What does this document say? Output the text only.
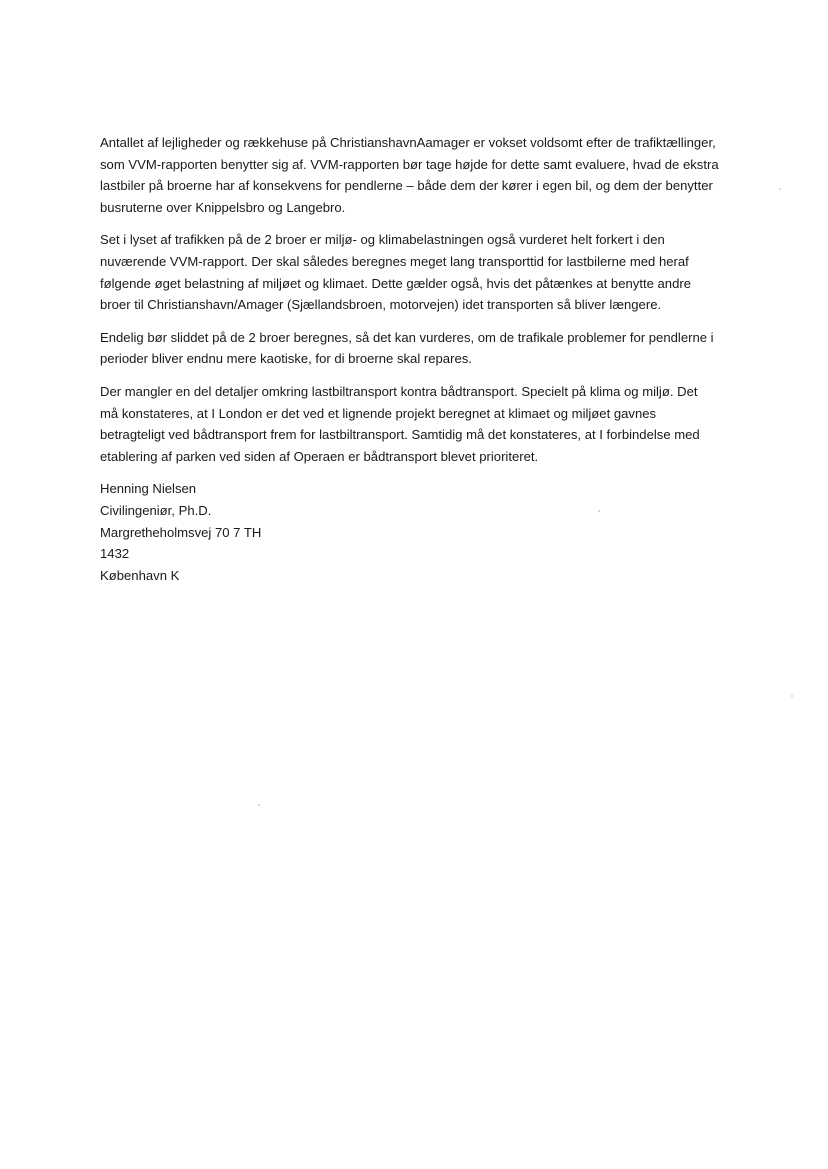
Antallet af lejligheder og rækkehuse på ChristianshavnAamager er vokset voldsomt efter de trafiktællinger,
som VVM-rapporten benytter sig af. VVM-rapporten bør tage højde for dette samt evaluere, hvad de ekstra
lastbiler på broerne har af konsekvens for pendlerne – både dem der kører i egen bil, og dem der benytter
busruterne over Knippelsbro og Langebro.

Set i lyset af trafikken på de 2 broer er miljø- og klimabelastningen også vurderet helt forkert i den
nuværende VVM-rapport. Der skal således beregnes meget lang transporttid for lastbilerne med heraf
følgende øget belastning af miljøet og klimaet. Dette gælder også, hvis det påtænkes at benytte andre
broer til Christianshavn/Amager (Sjællandsbroen, motorvejen) idet transporten så bliver længere.

Endelig bør sliddet på de 2 broer beregnes, så det kan vurderes, om de trafikale problemer for pendlerne i
perioder bliver endnu mere kaotiske, for di broerne skal repares.

Der mangler en del detaljer omkring lastbiltransport kontra bådtransport. Specielt på klima og miljø. Det
må konstateres, at I London er det ved et lignende projekt beregnet at klimaet og miljøet gavnes
betragteligt ved bådtransport frem for lastbiltransport. Samtidig må det konstateres, at I forbindelse med
etablering af parken ved siden af Operaen er bådtransport blevet prioriteret.

Henning Nielsen
Civilingeniør, Ph.D.
Margretheholmsvej 70 7 TH
1432
København K
